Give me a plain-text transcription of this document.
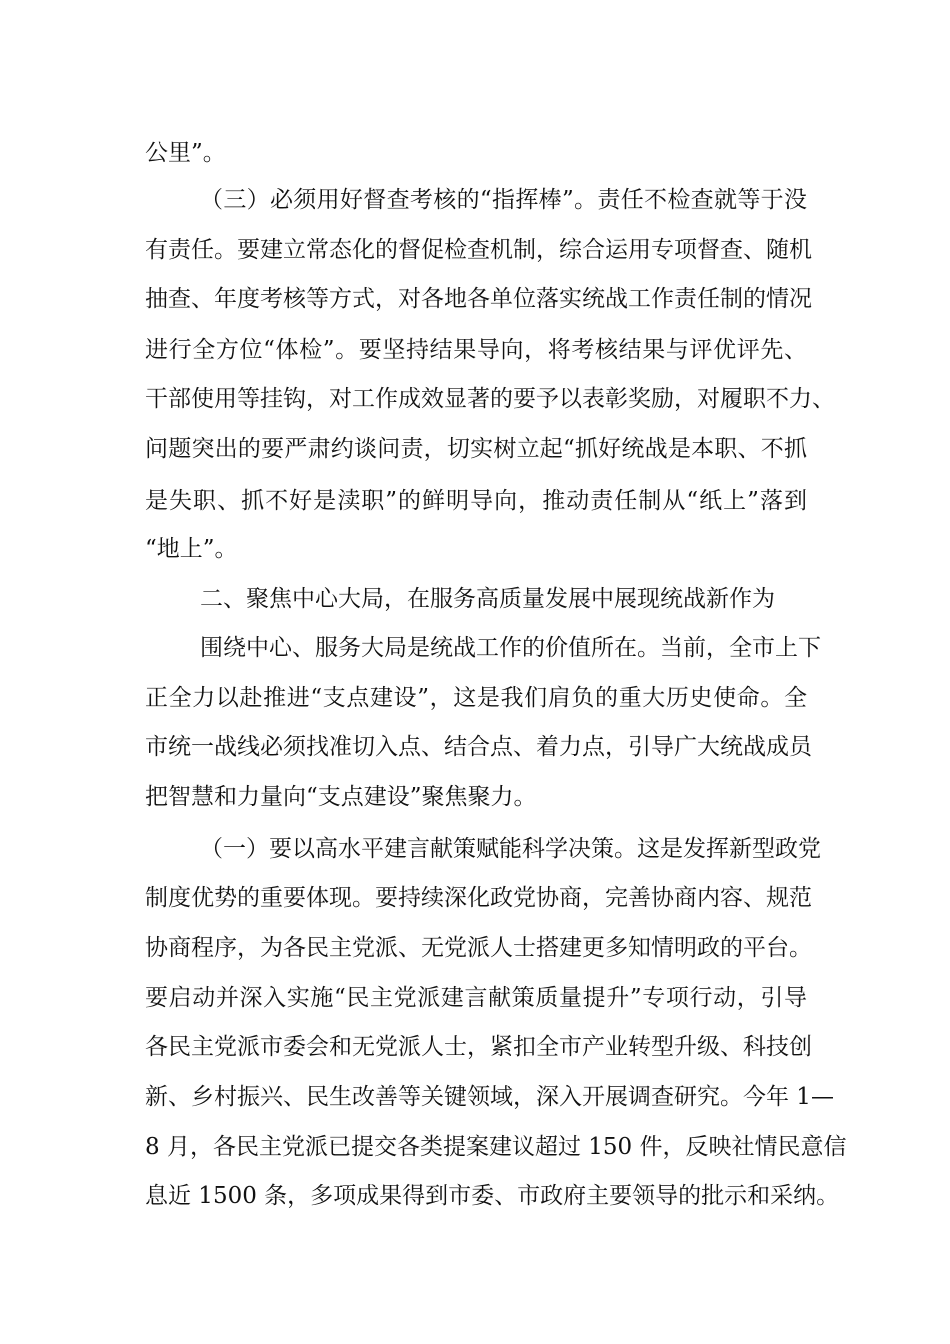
公里”。
（三）必须用好督查考核的“指挥棒”。责任不检查就等于没
有责任。要建立常态化的督促检查机制，综合运用专项督查、随机
抽查、年度考核等方式，对各地各单位落实统战工作责任制的情况
进行全方位“体检”。要坚持结果导向，将考核结果与评优评先、
干部使用等挂钩，对工作成效显著的要予以表彰奖励，对履职不力、
问题突出的要严肃约谈问责，切实树立起“抓好统战是本职、不抓
是失职、抓不好是渎职”的鲜明导向，推动责任制从“纸上”落到
“地上”。
二、聚焦中心大局，在服务高质量发展中展现统战新作为
围绕中心、服务大局是统战工作的价值所在。当前，全市上下
正全力以赴推进“支点建设”，这是我们肩负的重大历史使命。全
市统一战线必须找准切入点、结合点、着力点，引导广大统战成员
把智慧和力量向“支点建设”聚焦聚力。
（一）要以高水平建言献策赋能科学决策。这是发挥新型政党
制度优势的重要体现。要持续深化政党协商，完善协商内容、规范
协商程序，为各民主党派、无党派人士搭建更多知情明政的平台。
要启动并深入实施“民主党派建言献策质量提升”专项行动，引导
各民主党派市委会和无党派人士，紧扣全市产业转型升级、科技创
新、乡村振兴、民生改善等关键领域，深入开展调查研究。今年 1—
8 月，各民主党派已提交各类提案建议超过 150 件，反映社情民意信
息近 1500 条，多项成果得到市委、市政府主要领导的批示和采纳。
